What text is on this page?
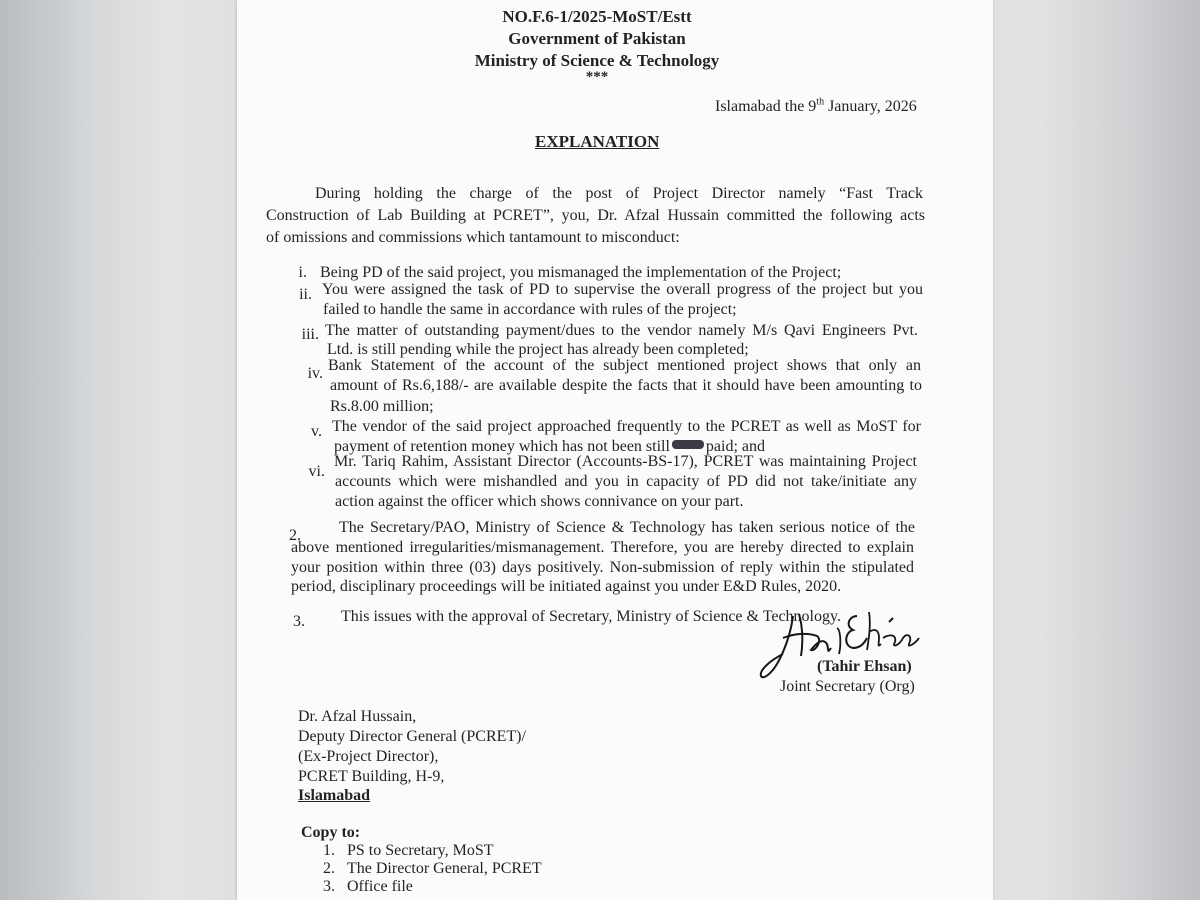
NO.F.6-1/2025-MoST/Estt
Government of Pakistan
Ministry of Science & Technology
***
Islamabad the 9th January, 2026
EXPLANATION
During holding the charge of the post of Project Director namely “Fast Track
Construction of Lab Building at PCRET”, you, Dr. Afzal Hussain committed the following acts
of omissions and commissions which tantamount to misconduct:
i. Being PD of the said project, you mismanaged the implementation of the Project;
ii. You were assigned the task of PD to supervise the overall progress of the project but you
failed to handle the same in accordance with rules of the project;
iii. The matter of outstanding payment/dues to the vendor namely M/s Qavi Engineers Pvt.
Ltd. is still pending while the project has already been completed;
iv. Bank Statement of the account of the subject mentioned project shows that only an
amount of Rs.6,188/- are available despite the facts that it should have been amounting to
Rs.8.00 million;
v. The vendor of the said project approached frequently to the PCRET as well as MoST for
payment of retention money which has not been still paid; and
vi.
Mr. Tariq Rahim, Assistant Director (Accounts-BS-17), PCRET was maintaining Project
accounts which were mishandled and you in capacity of PD did not take/initiate any
action against the officer which shows connivance on your part.
2. The Secretary/PAO, Ministry of Science & Technology has taken serious notice of the
above mentioned irregularities/mismanagement. Therefore, you are hereby directed to explain
your position within three (03) days positively. Non-submission of reply within the stipulated
period, disciplinary proceedings will be initiated against you under E&D Rules, 2020.
3. This issues with the approval of Secretary, Ministry of Science & Technology.
(Tahir Ehsan)
Joint Secretary (Org)
Dr. Afzal Hussain,
Deputy Director General (PCRET)/
(Ex-Project Director),
PCRET Building, H-9,
Islamabad
Copy to:
1. PS to Secretary, MoST
2. The Director General, PCRET
3. Office file
